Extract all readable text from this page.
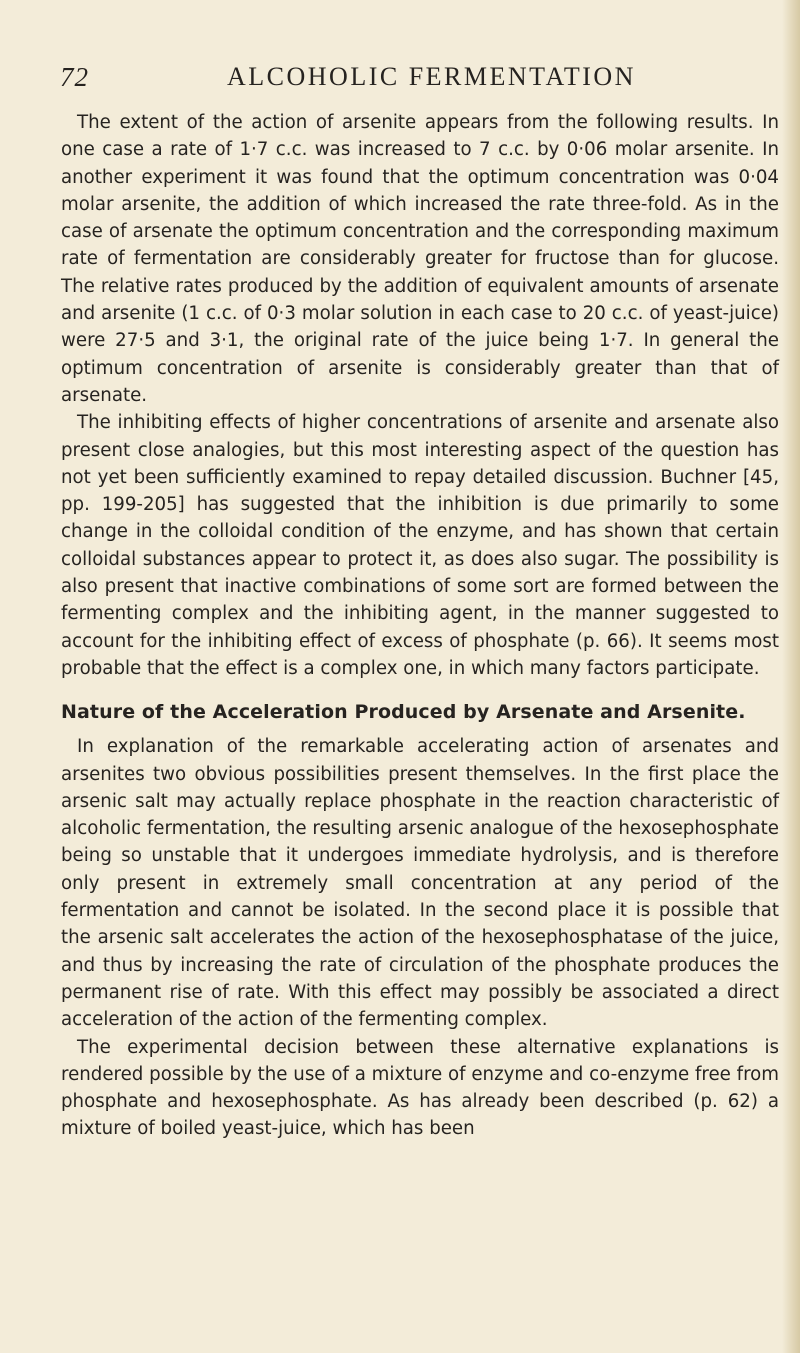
72	ALCOHOLIC FERMENTATION

The extent of the action of arsenite appears from the following results. In one case a rate of 1·7 c.c. was increased to 7 c.c. by 0·06 molar arsenite. In another experiment it was found that the optimum concentration was 0·04 molar arsenite, the addition of which increased the rate three-fold. As in the case of arsenate the optimum concentration and the corresponding maximum rate of fermentation are considerably greater for fructose than for glucose. The relative rates produced by the addition of equivalent amounts of arsenate and arsenite (1 c.c. of 0·3 molar solution in each case to 20 c.c. of yeast-juice) were 27·5 and 3·1, the original rate of the juice being 1·7. In general the optimum concentration of arsenite is considerably greater than that of arsenate.

The inhibiting effects of higher concentrations of arsenite and arsenate also present close analogies, but this most interesting aspect of the question has not yet been sufficiently examined to repay detailed discussion. Buchner [45, pp. 199-205] has suggested that the inhibition is due primarily to some change in the colloidal condition of the enzyme, and has shown that certain colloidal substances appear to protect it, as does also sugar. The possibility is also present that inactive combinations of some sort are formed between the fermenting complex and the inhibiting agent, in the manner suggested to account for the inhibiting effect of excess of phosphate (p. 66). It seems most probable that the effect is a complex one, in which many factors participate.

Nature of the Acceleration Produced by Arsenate and Arsenite.

In explanation of the remarkable accelerating action of arsenates and arsenites two obvious possibilities present themselves. In the first place the arsenic salt may actually replace phosphate in the reaction characteristic of alcoholic fermentation, the resulting arsenic analogue of the hexosephosphate being so unstable that it undergoes immediate hydrolysis, and is therefore only present in extremely small concentration at any period of the fermentation and cannot be isolated. In the second place it is possible that the arsenic salt accelerates the action of the hexosephosphatase of the juice, and thus by increasing the rate of circulation of the phosphate produces the permanent rise of rate. With this effect may possibly be associated a direct acceleration of the action of the fermenting complex.

The experimental decision between these alternative explanations is rendered possible by the use of a mixture of enzyme and co-enzyme free from phosphate and hexosephosphate. As has already been described (p. 62) a mixture of boiled yeast-juice, which has been
